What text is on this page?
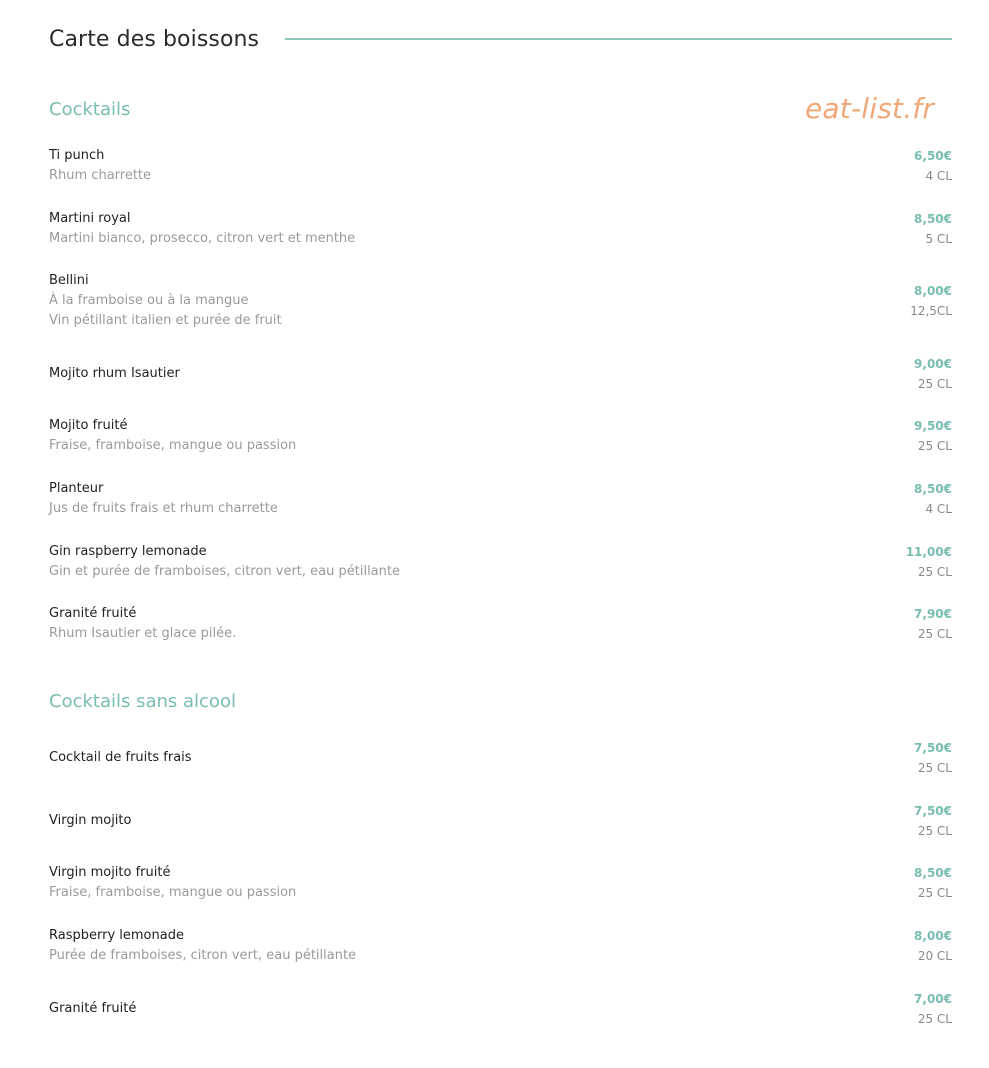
Carte des boissons
eat-list.fr
Cocktails
Ti punch
Rhum charrette
6,50€
4 CL
Martini royal
Martini bianco, prosecco, citron vert et menthe
8,50€
5 CL
Bellini
À la framboise ou à la mangue
Vin pétillant italien et purée de fruit
8,00€
12,5CL
Mojito rhum Isautier
9,00€
25 CL
Mojito fruité
Fraise, framboise, mangue ou passion
9,50€
25 CL
Planteur
Jus de fruits frais et rhum charrette
8,50€
4 CL
Gin raspberry lemonade
Gin et purée de framboises, citron vert, eau pétillante
11,00€
25 CL
Granité fruité
Rhum Isautier et glace pilée.
7,90€
25 CL
Cocktails sans alcool
Cocktail de fruits frais
7,50€
25 CL
Virgin mojito
7,50€
25 CL
Virgin mojito fruité
Fraise, framboise, mangue ou passion
8,50€
25 CL
Raspberry lemonade
Purée de framboises, citron vert, eau pétillante
8,00€
20 CL
Granité fruité
7,00€
25 CL
